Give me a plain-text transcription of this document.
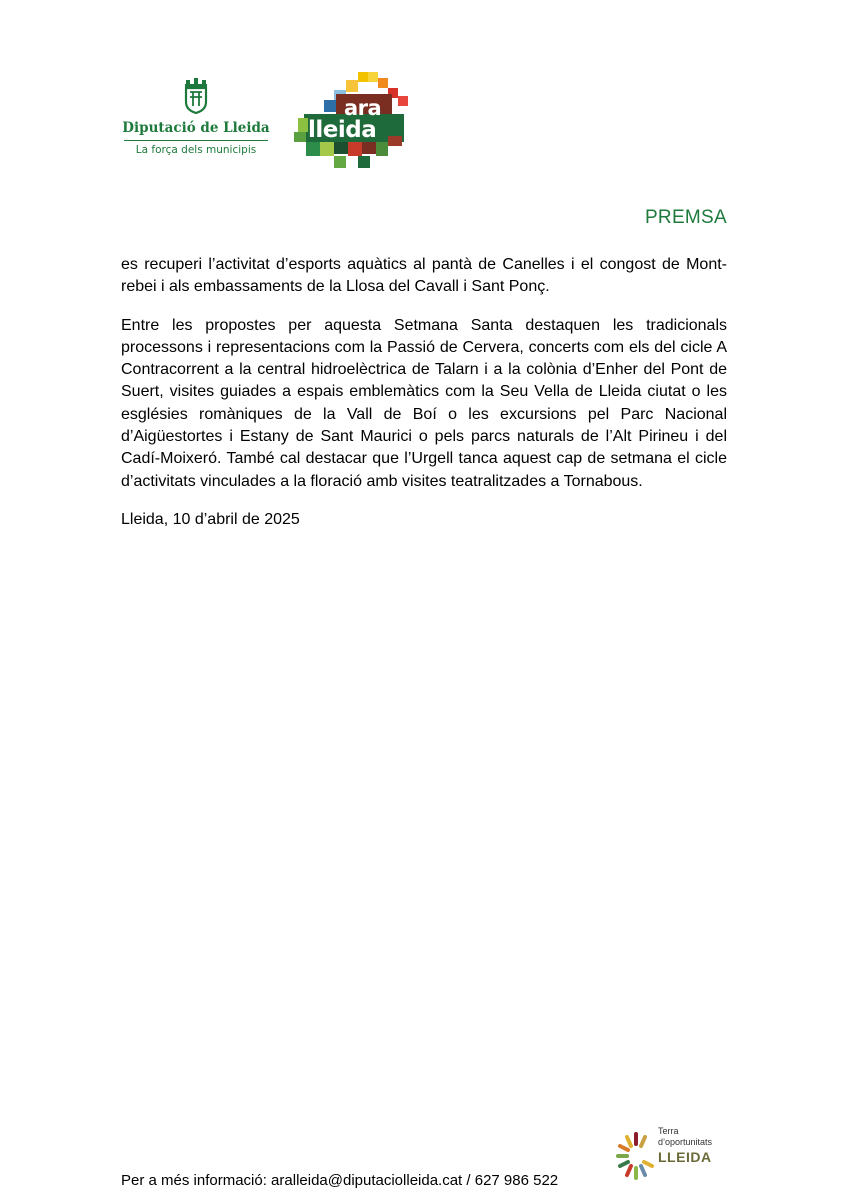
Diputació de Lleida
La força dels municipis
ara
lleida
PREMSA

es recuperi l’activitat d’esports aquàtics al pantà de Canelles i el congost de Mont-rebei i als embassaments de la Llosa del Cavall i Sant Ponç.

Entre les propostes per aquesta Setmana Santa destaquen les tradicionals processons i representacions com la Passió de Cervera, concerts com els del cicle A Contracorrent a la central hidroelèctrica de Talarn i a la colònia d’Enher del Pont de Suert, visites guiades a espais emblemàtics com la Seu Vella de Lleida ciutat o les esglésies romàniques de la Vall de Boí o les excursions pel Parc Nacional d’Aigüestortes i Estany de Sant Maurici o pels parcs naturals de l’Alt Pirineu i del Cadí-Moixeró. També cal destacar que l’Urgell tanca aquest cap de setmana el cicle d’activitats vinculades a la floració amb visites teatralitzades a Tornabous.

Lleida, 10 d’abril de 2025

Per a més informació: aralleida@diputaciolleida.cat / 627 986 522
Terra
d’oportunitats
LLEIDA
